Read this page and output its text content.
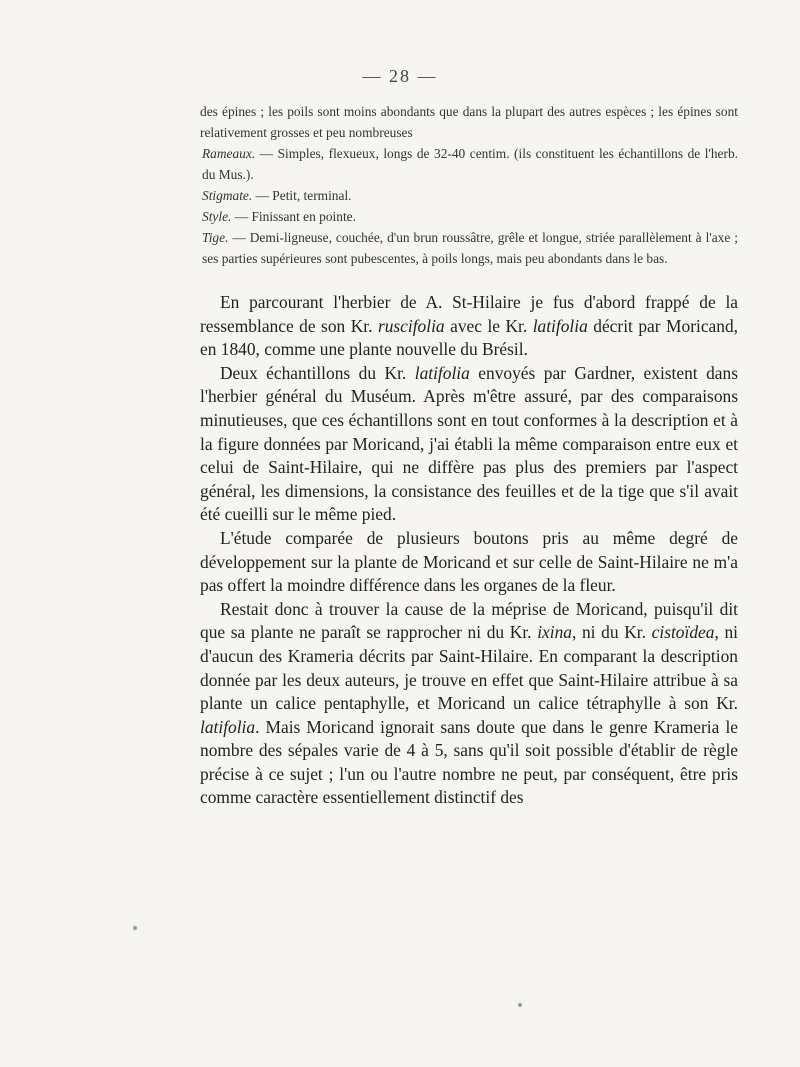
— 28 —

des épines ; les poils sont moins abondants que dans la plupart des autres espèces ; les épines sont relativement grosses et peu nombreuses

Rameaux. — Simples, flexueux, longs de 32-40 centim. (ils constituent les échantillons de l'herb. du Mus.).

Stigmate. — Petit, terminal.

Style. — Finissant en pointe.

Tige. — Demi-ligneuse, couchée, d'un brun roussâtre, grêle et longue, striée parallèlement à l'axe ; ses parties supérieures sont pubescentes, à poils longs, mais peu abondants dans le bas.

En parcourant l'herbier de A. St-Hilaire je fus d'abord frappé de la ressemblance de son Kr. ruscifolia avec le Kr. latifolia décrit par Moricand, en 1840, comme une plante nouvelle du Brésil.

Deux échantillons du Kr. latifolia envoyés par Gardner, existent dans l'herbier général du Muséum. Après m'être assuré, par des comparaisons minutieuses, que ces échantillons sont en tout conformes à la description et à la figure données par Moricand, j'ai établi la même comparaison entre eux et celui de Saint-Hilaire, qui ne diffère pas plus des premiers par l'aspect général, les dimensions, la consistance des feuilles et de la tige que s'il avait été cueilli sur le même pied.

L'étude comparée de plusieurs boutons pris au même degré de développement sur la plante de Moricand et sur celle de Saint-Hilaire ne m'a pas offert la moindre différence dans les organes de la fleur.

Restait donc à trouver la cause de la méprise de Moricand, puisqu'il dit que sa plante ne paraît se rapprocher ni du Kr. ixina, ni du Kr. cistoïdea, ni d'aucun des Krameria décrits par Saint-Hilaire. En comparant la description donnée par les deux auteurs, je trouve en effet que Saint-Hilaire attribue à sa plante un calice pentaphylle, et Moricand un calice tétraphylle à son Kr. latifolia. Mais Moricand ignorait sans doute que dans le genre Krameria le nombre des sépales varie de 4 à 5, sans qu'il soit possible d'établir de règle précise à ce sujet ; l'un ou l'autre nombre ne peut, par conséquent, être pris comme caractère essentiellement distinctif des
